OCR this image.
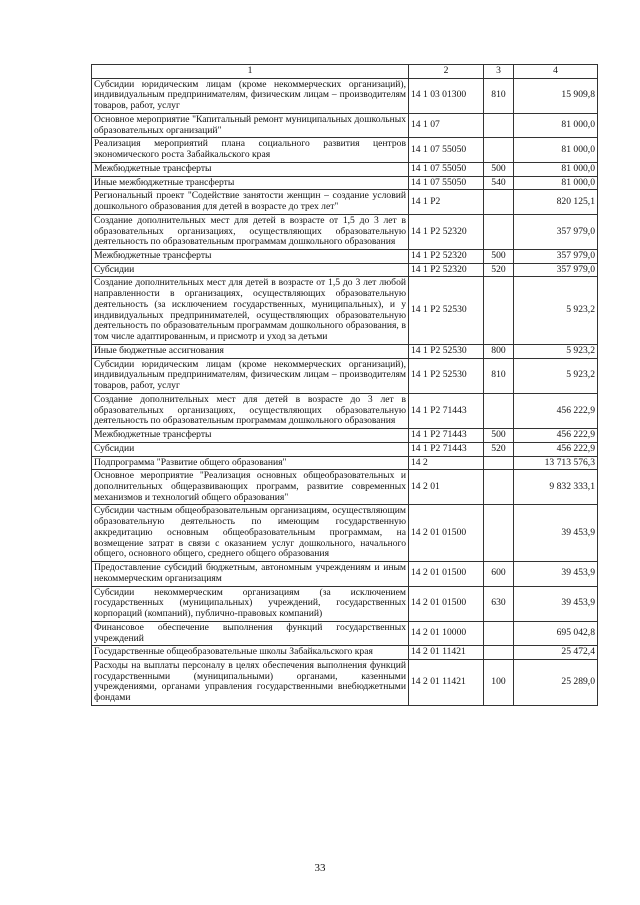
1	2	3	4
Субсидии юридическим лицам (кроме некоммерческих организаций), индивидуальным предпринимателям, физическим лицам – производителям товаров, работ, услуг	14 1 03 01300	810	15 909,8
Основное мероприятие "Капитальный ремонт муниципальных дошкольных образовательных организаций"	14 1 07		81 000,0
Реализация мероприятий плана социального развития центров экономического роста Забайкальского края	14 1 07 55050		81 000,0
Межбюджетные трансферты	14 1 07 55050	500	81 000,0
Иные межбюджетные трансферты	14 1 07 55050	540	81 000,0
Региональный проект "Содействие занятости женщин – создание условий дошкольного образования для детей в возрасте до трех лет"	14 1 P2		820 125,1
Создание дополнительных мест для детей в возрасте от 1,5 до 3 лет в образовательных организациях, осуществляющих образовательную деятельность по образовательным программам дошкольного образования	14 1 P2 52320		357 979,0
Межбюджетные трансферты	14 1 P2 52320	500	357 979,0
Субсидии	14 1 P2 52320	520	357 979,0
Создание дополнительных мест для детей в возрасте от 1,5 до 3 лет любой направленности в организациях, осуществляющих образовательную деятельность (за исключением государственных, муниципальных), и у индивидуальных предпринимателей, осуществляющих образовательную деятельность по образовательным программам дошкольного образования, в том числе адаптированным, и присмотр и уход за детьми	14 1 P2 52530		5 923,2
Иные бюджетные ассигнования	14 1 P2 52530	800	5 923,2
Субсидии юридическим лицам (кроме некоммерческих организаций), индивидуальным предпринимателям, физическим лицам – производителям товаров, работ, услуг	14 1 P2 52530	810	5 923,2
Создание дополнительных мест для детей в возрасте до 3 лет в образовательных организациях, осуществляющих образовательную деятельность по образовательным программам дошкольного образования	14 1 P2 71443		456 222,9
Межбюджетные трансферты	14 1 P2 71443	500	456 222,9
Субсидии	14 1 P2 71443	520	456 222,9
Подпрограмма "Развитие общего образования"	14 2		13 713 576,3
Основное мероприятие "Реализация основных общеобразовательных и дополнительных общеразвивающих программ, развитие современных механизмов и технологий общего образования"	14 2 01		9 832 333,1
Субсидии частным общеобразовательным организациям, осуществляющим образовательную деятельность по имеющим государственную аккредитацию основным общеобразовательным программам, на возмещение затрат в связи с оказанием услуг дошкольного, начального общего, основного общего, среднего общего образования	14 2 01 01500		39 453,9
Предоставление субсидий бюджетным, автономным учреждениям и иным некоммерческим организациям	14 2 01 01500	600	39 453,9
Субсидии некоммерческим организациям (за исключением государственных (муниципальных) учреждений, государственных корпораций (компаний), публично-правовых компаний)	14 2 01 01500	630	39 453,9
Финансовое обеспечение выполнения функций государственных учреждений	14 2 01 10000		695 042,8
Государственные общеобразовательные школы Забайкальского края	14 2 01 11421		25 472,4
Расходы на выплаты персоналу в целях обеспечения выполнения функций государственными (муниципальными) органами, казенными учреждениями, органами управления государственными внебюджетными фондами	14 2 01 11421	100	25 289,0
33
